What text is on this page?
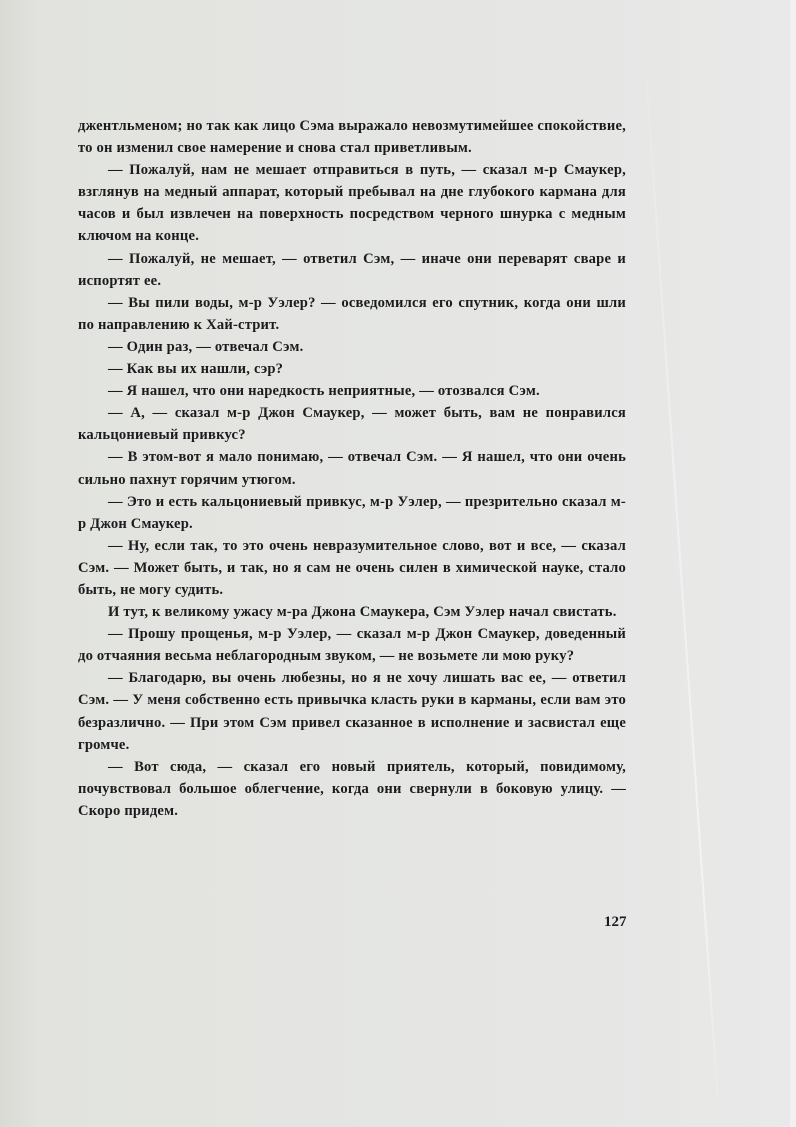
джентльменом; но так как лицо Сэма выражало невозмутимейшее спокойствие, то он изменил свое намерение и снова стал приветливым.

— Пожалуй, нам не мешает отправиться в путь, — сказал м-р Смаукер, взглянув на медный аппарат, который пребывал на дне глубокого кармана для часов и был извлечен на поверхность посредством черного шнурка с медным ключом на конце.

— Пожалуй, не мешает, — ответил Сэм, — иначе они переварят сваре и испортят ее.

— Вы пили воды, м-р Уэлер? — осведомился его спутник, когда они шли по направлению к Хай-стрит.

— Один раз, — отвечал Сэм.

— Как вы их нашли, сэр?

— Я нашел, что они наредкость неприятные, — отозвался Сэм.

— А, — сказал м-р Джон Смаукер, — может быть, вам не понравился кальцониевый привкус?

— В этом-вот я мало понимаю, — отвечал Сэм. — Я нашел, что они очень сильно пахнут горячим утюгом.

— Это и есть кальцониевый привкус, м-р Уэлер, — презрительно сказал м-р Джон Смаукер.

— Ну, если так, то это очень невразумительное слово, вот и все, — сказал Сэм. — Может быть, и так, но я сам не очень силен в химической науке, стало быть, не могу судить.

И тут, к великому ужасу м-ра Джона Смаукера, Сэм Уэлер начал свистать.

— Прошу прощенья, м-р Уэлер, — сказал м-р Джон Смаукер, доведенный до отчаяния весьма неблагородным звуком, — не возьмете ли мою руку?

— Благодарю, вы очень любезны, но я не хочу лишать вас ее, — ответил Сэм. — У меня собственно есть привычка класть руки в карманы, если вам это безразлично. — При этом Сэм привел сказанное в исполнение и засвистал еще громче.

— Вот сюда, — сказал его новый приятель, который, повидимому, почувствовал большое облегчение, когда они свернули в боковую улицу. — Скоро придем.

127
